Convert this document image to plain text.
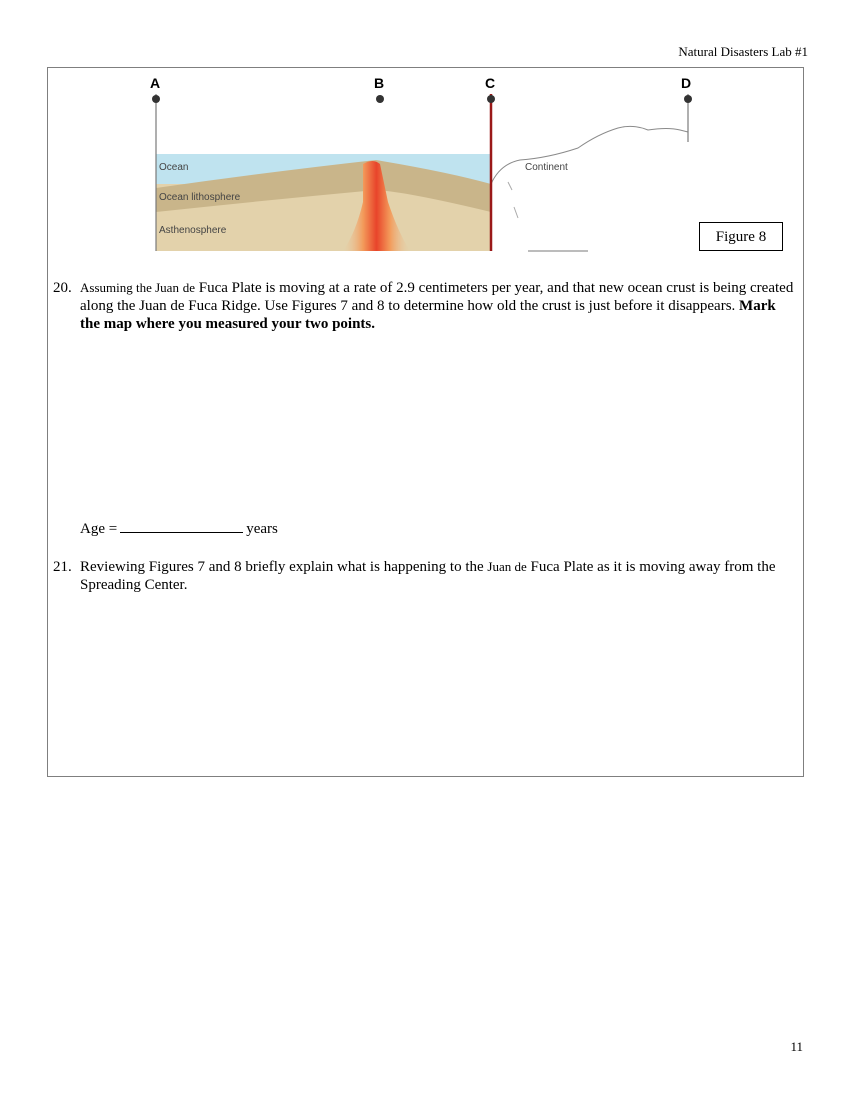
Natural Disasters Lab #1
A	B	C	D
Ocean
Ocean lithosphere
Asthenosphere
Continent
Figure 8
20. Assuming the Juan de Fuca Plate is moving at a rate of 2.9 centimeters per year, and that new ocean crust is being created along the Juan de Fuca Ridge. Use Figures 7 and 8 to determine how old the crust is just before it disappears. Mark the map where you measured your two points.
Age =	years
21. Reviewing Figures 7 and 8 briefly explain what is happening to the Juan de Fuca Plate as it is moving away from the Spreading Center.
11
